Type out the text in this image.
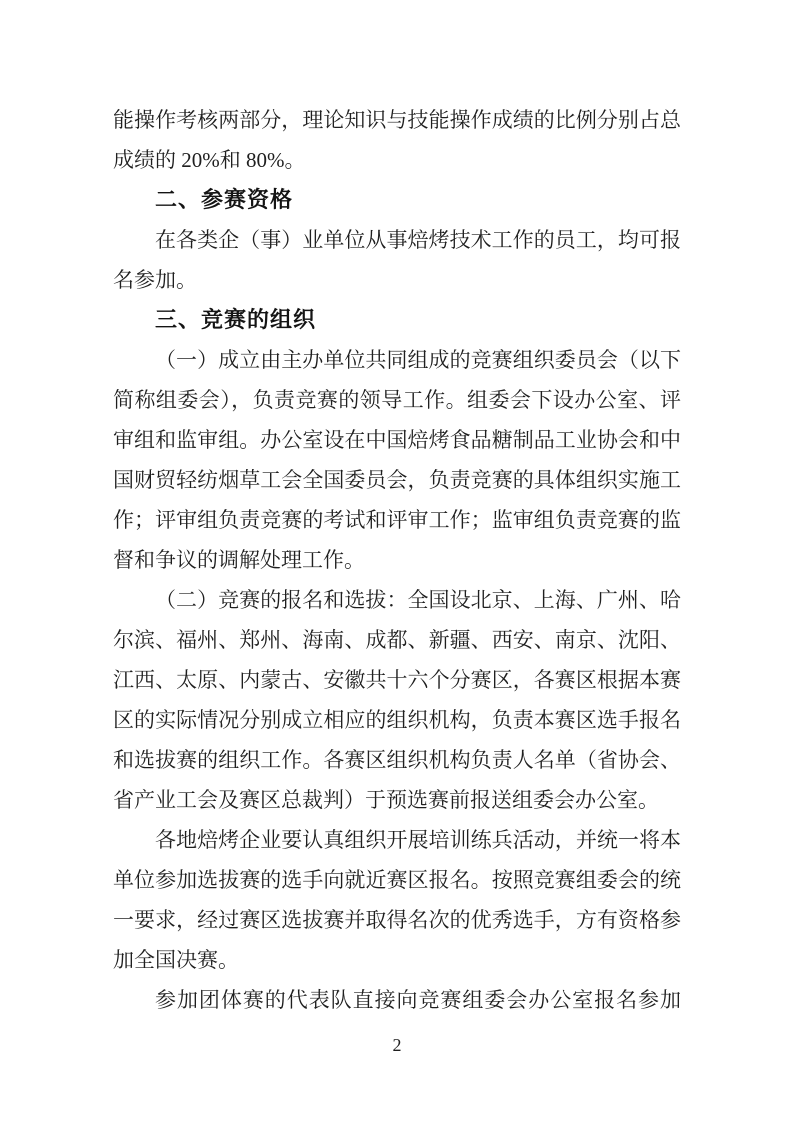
能操作考核两部分，理论知识与技能操作成绩的比例分别占总
成绩的 20%和 80%。
二、参赛资格
在各类企（事）业单位从事焙烤技术工作的员工，均可报
名参加。
三、竞赛的组织
（一）成立由主办单位共同组成的竞赛组织委员会（以下
简称组委会），负责竞赛的领导工作。组委会下设办公室、评
审组和监审组。办公室设在中国焙烤食品糖制品工业协会和中
国财贸轻纺烟草工会全国委员会，负责竞赛的具体组织实施工
作；评审组负责竞赛的考试和评审工作；监审组负责竞赛的监
督和争议的调解处理工作。
（二）竞赛的报名和选拔：全国设北京、上海、广州、哈
尔滨、福州、郑州、海南、成都、新疆、西安、南京、沈阳、
江西、太原、内蒙古、安徽共十六个分赛区，各赛区根据本赛
区的实际情况分别成立相应的组织机构，负责本赛区选手报名
和选拔赛的组织工作。各赛区组织机构负责人名单（省协会、
省产业工会及赛区总裁判）于预选赛前报送组委会办公室。
各地焙烤企业要认真组织开展培训练兵活动，并统一将本
单位参加选拔赛的选手向就近赛区报名。按照竞赛组委会的统
一要求，经过赛区选拔赛并取得名次的优秀选手，方有资格参
加全国决赛。
参加团体赛的代表队直接向竞赛组委会办公室报名参加
2
